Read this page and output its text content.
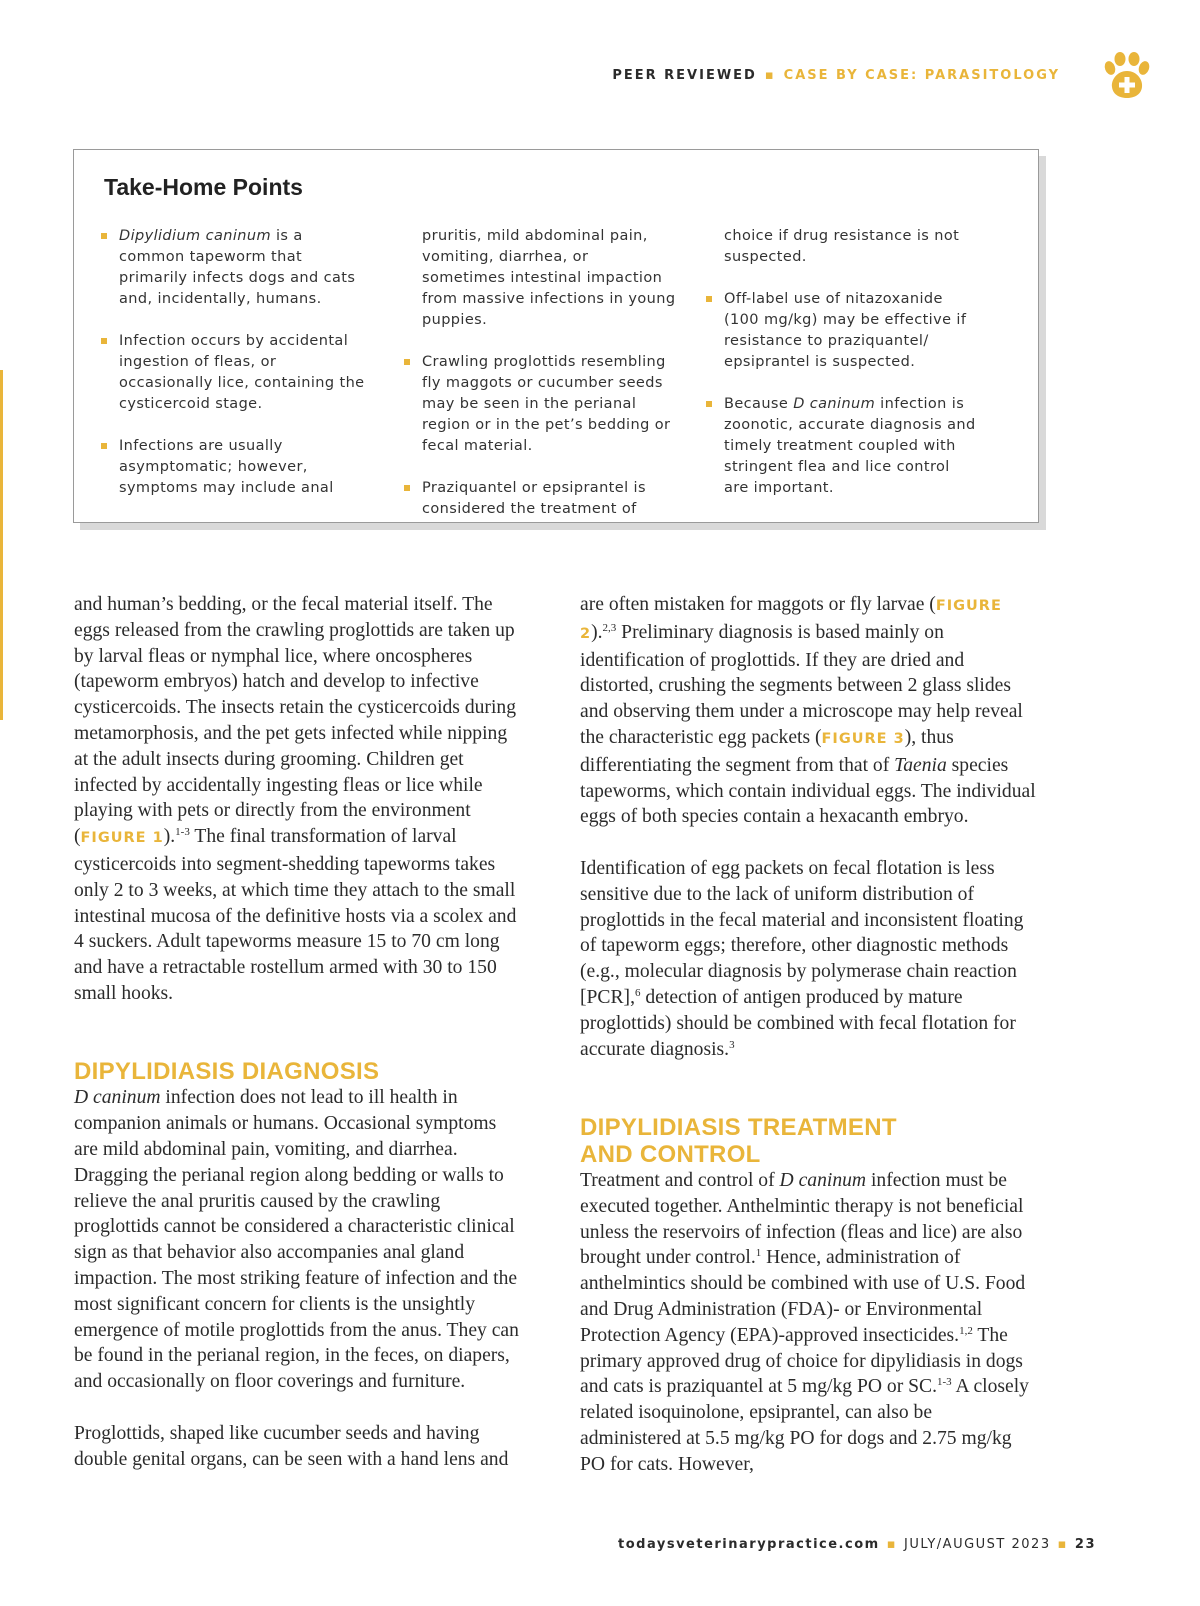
PEER REVIEWED ▪ CASE BY CASE: PARASITOLOGY
Take-Home Points
Dipylidium caninum is a common tapeworm that primarily infects dogs and cats and, incidentally, humans.
Infection occurs by accidental ingestion of fleas, or occasionally lice, containing the cysticercoid stage.
Infections are usually asymptomatic; however, symptoms may include anal
pruritis, mild abdominal pain, vomiting, diarrhea, or sometimes intestinal impaction from massive infections in young puppies.
Crawling proglottids resembling fly maggots or cucumber seeds may be seen in the perianal region or in the pet’s bedding or fecal material.
Praziquantel or epsiprantel is considered the treatment of
choice if drug resistance is not suspected.
Off-label use of nitazoxanide (100 mg/kg) may be effective if resistance to praziquantel/ epsiprantel is suspected.
Because D caninum infection is zoonotic, accurate diagnosis and timely treatment coupled with stringent flea and lice control are important.

and human’s bedding, or the fecal material itself. The eggs released from the crawling proglottids are taken up by larval fleas or nymphal lice, where oncospheres (tapeworm embryos) hatch and develop to infective cysticercoids. The insects retain the cysticercoids during metamorphosis, and the pet gets infected while nipping at the adult insects during grooming. Children get infected by accidentally ingesting fleas or lice while playing with pets or directly from the environment (FIGURE 1).$^{1-3}$ The final transformation of larval cysticercoids into segment-shedding tapeworms takes only 2 to 3 weeks, at which time they attach to the small intestinal mucosa of the definitive hosts via a scolex and 4 suckers. Adult tapeworms measure 15 to 70 cm long and have a retractable rostellum armed with 30 to 150 small hooks.

DIPYLIDIASIS DIAGNOSIS

D caninum infection does not lead to ill health in companion animals or humans. Occasional symptoms are mild abdominal pain, vomiting, and diarrhea. Dragging the perianal region along bedding or walls to relieve the anal pruritis caused by the crawling proglottids cannot be considered a characteristic clinical sign as that behavior also accompanies anal gland impaction. The most striking feature of infection and the most significant concern for clients is the unsightly emergence of motile proglottids from the anus. They can be found in the perianal region, in the feces, on diapers, and occasionally on floor coverings and furniture.

Proglottids, shaped like cucumber seeds and having double genital organs, can be seen with a hand lens and

are often mistaken for maggots or fly larvae (FIGURE 2).$^{2,3}$ Preliminary diagnosis is based mainly on identification of proglottids. If they are dried and distorted, crushing the segments between 2 glass slides and observing them under a microscope may help reveal the characteristic egg packets (FIGURE 3), thus differentiating the segment from that of Taenia species tapeworms, which contain individual eggs. The individual eggs of both species contain a hexacanth embryo.

Identification of egg packets on fecal flotation is less sensitive due to the lack of uniform distribution of proglottids in the fecal material and inconsistent floating of tapeworm eggs; therefore, other diagnostic methods (e.g., molecular diagnosis by polymerase chain reaction [PCR],$^6$ detection of antigen produced by mature proglottids) should be combined with fecal flotation for accurate diagnosis.$^3$

DIPYLIDIASIS TREATMENT
AND CONTROL

Treatment and control of D caninum infection must be executed together. Anthelmintic therapy is not beneficial unless the reservoirs of infection (fleas and lice) are also brought under control.$^1$ Hence, administration of anthelmintics should be combined with use of U.S. Food and Drug Administration (FDA)- or Environmental Protection Agency (EPA)-approved insecticides.$^{1,2}$ The primary approved drug of choice for dipylidiasis in dogs and cats is praziquantel at 5 mg/kg PO or SC.$^{1-3}$ A closely related isoquinolone, epsiprantel, can also be administered at 5.5 mg/kg PO for dogs and 2.75 mg/kg PO for cats. However,

todaysveterinarypractice.com ▪ JULY/AUGUST 2023 ▪ 23
